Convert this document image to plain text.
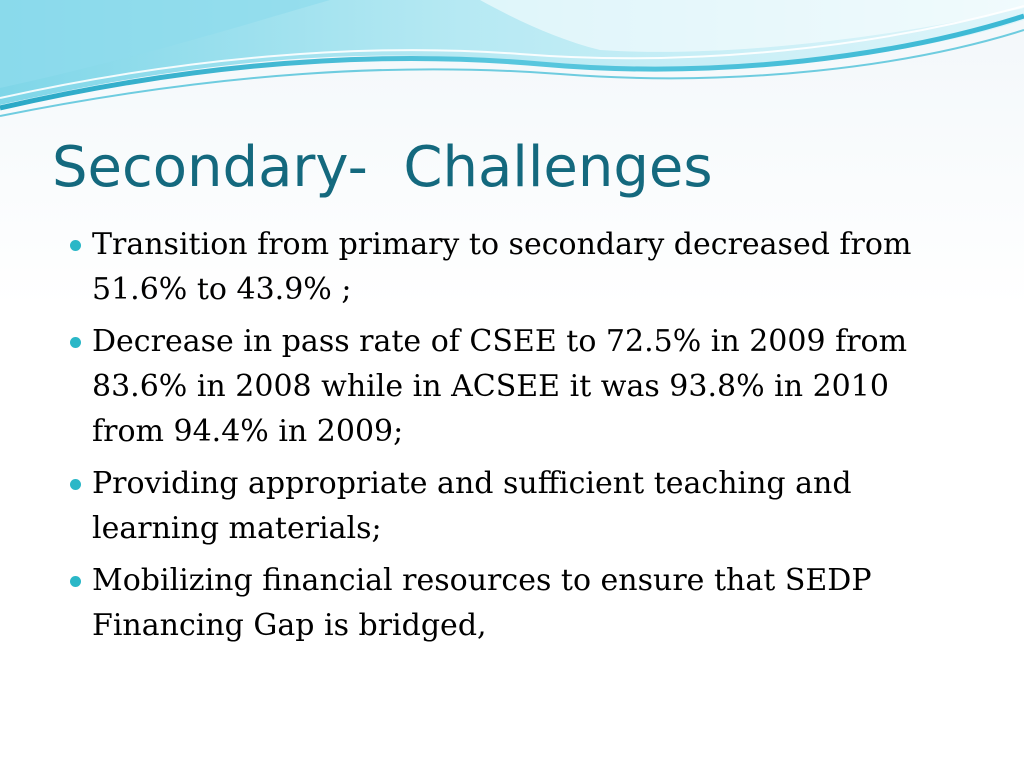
Secondary-  Challenges
Transition from primary to secondary decreased from 51.6% to 43.9% ;
Decrease in pass rate of CSEE to 72.5% in 2009 from 83.6% in 2008 while in ACSEE it was 93.8% in 2010 from 94.4% in 2009;
Providing appropriate and sufficient teaching and learning materials;
Mobilizing financial resources to ensure that SEDP Financing Gap is bridged,
